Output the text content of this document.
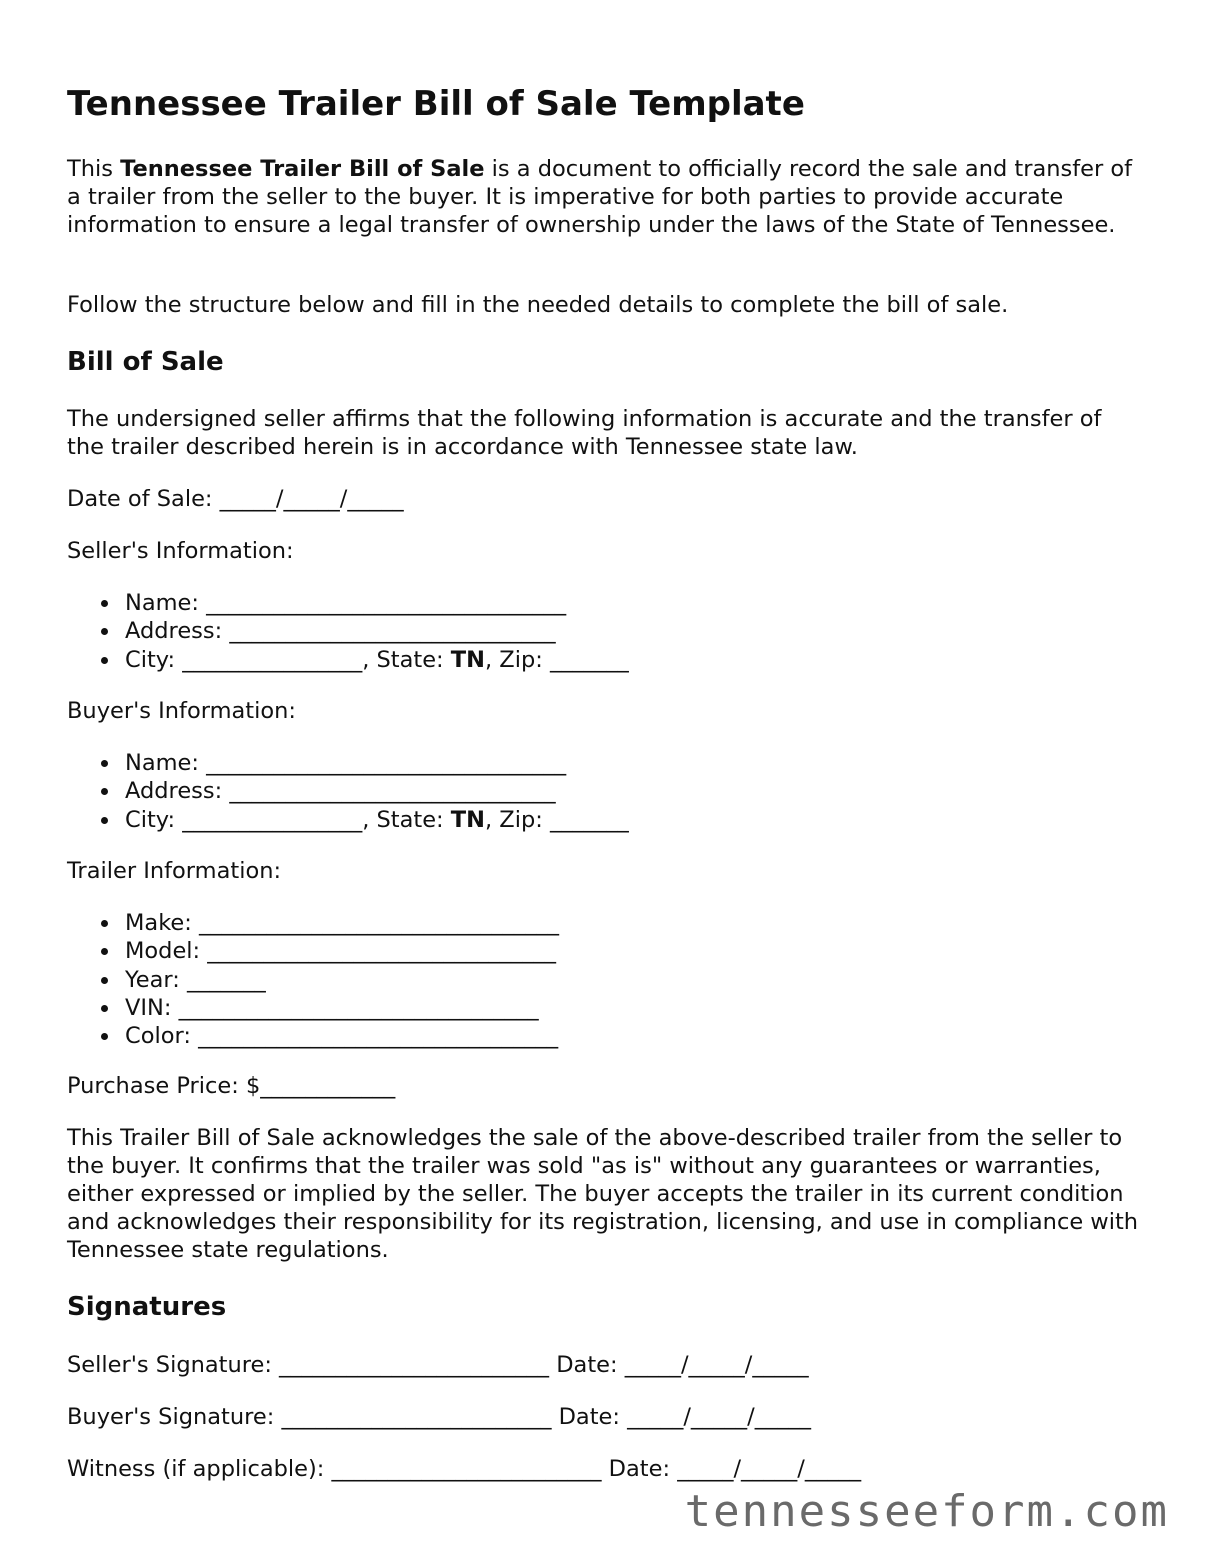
Tennessee Trailer Bill of Sale Template

This Tennessee Trailer Bill of Sale is a document to officially record the sale and transfer of a trailer from the seller to the buyer. It is imperative for both parties to provide accurate information to ensure a legal transfer of ownership under the laws of the State of Tennessee.

Follow the structure below and fill in the needed details to complete the bill of sale.

Bill of Sale

The undersigned seller affirms that the following information is accurate and the transfer of the trailer described herein is in accordance with Tennessee state law.

Date of Sale: _____/_____/_____

Seller's Information:

Name: ________________________________
Address: _____________________________
City: ________________, State: TN, Zip: _______

Buyer's Information:

Name: ________________________________
Address: _____________________________
City: ________________, State: TN, Zip: _______

Trailer Information:

Make: ________________________________
Model: _______________________________
Year: _______
VIN: ________________________________
Color: ________________________________

Purchase Price: $____________

This Trailer Bill of Sale acknowledges the sale of the above-described trailer from the seller to the buyer. It confirms that the trailer was sold "as is" without any guarantees or warranties, either expressed or implied by the seller. The buyer accepts the trailer in its current condition and acknowledges their responsibility for its registration, licensing, and use in compliance with Tennessee state regulations.

Signatures

Seller's Signature: ________________________ Date: _____/_____/_____

Buyer's Signature: ________________________ Date: _____/_____/_____

Witness (if applicable): ________________________ Date: _____/_____/_____

tennesseeform.com
